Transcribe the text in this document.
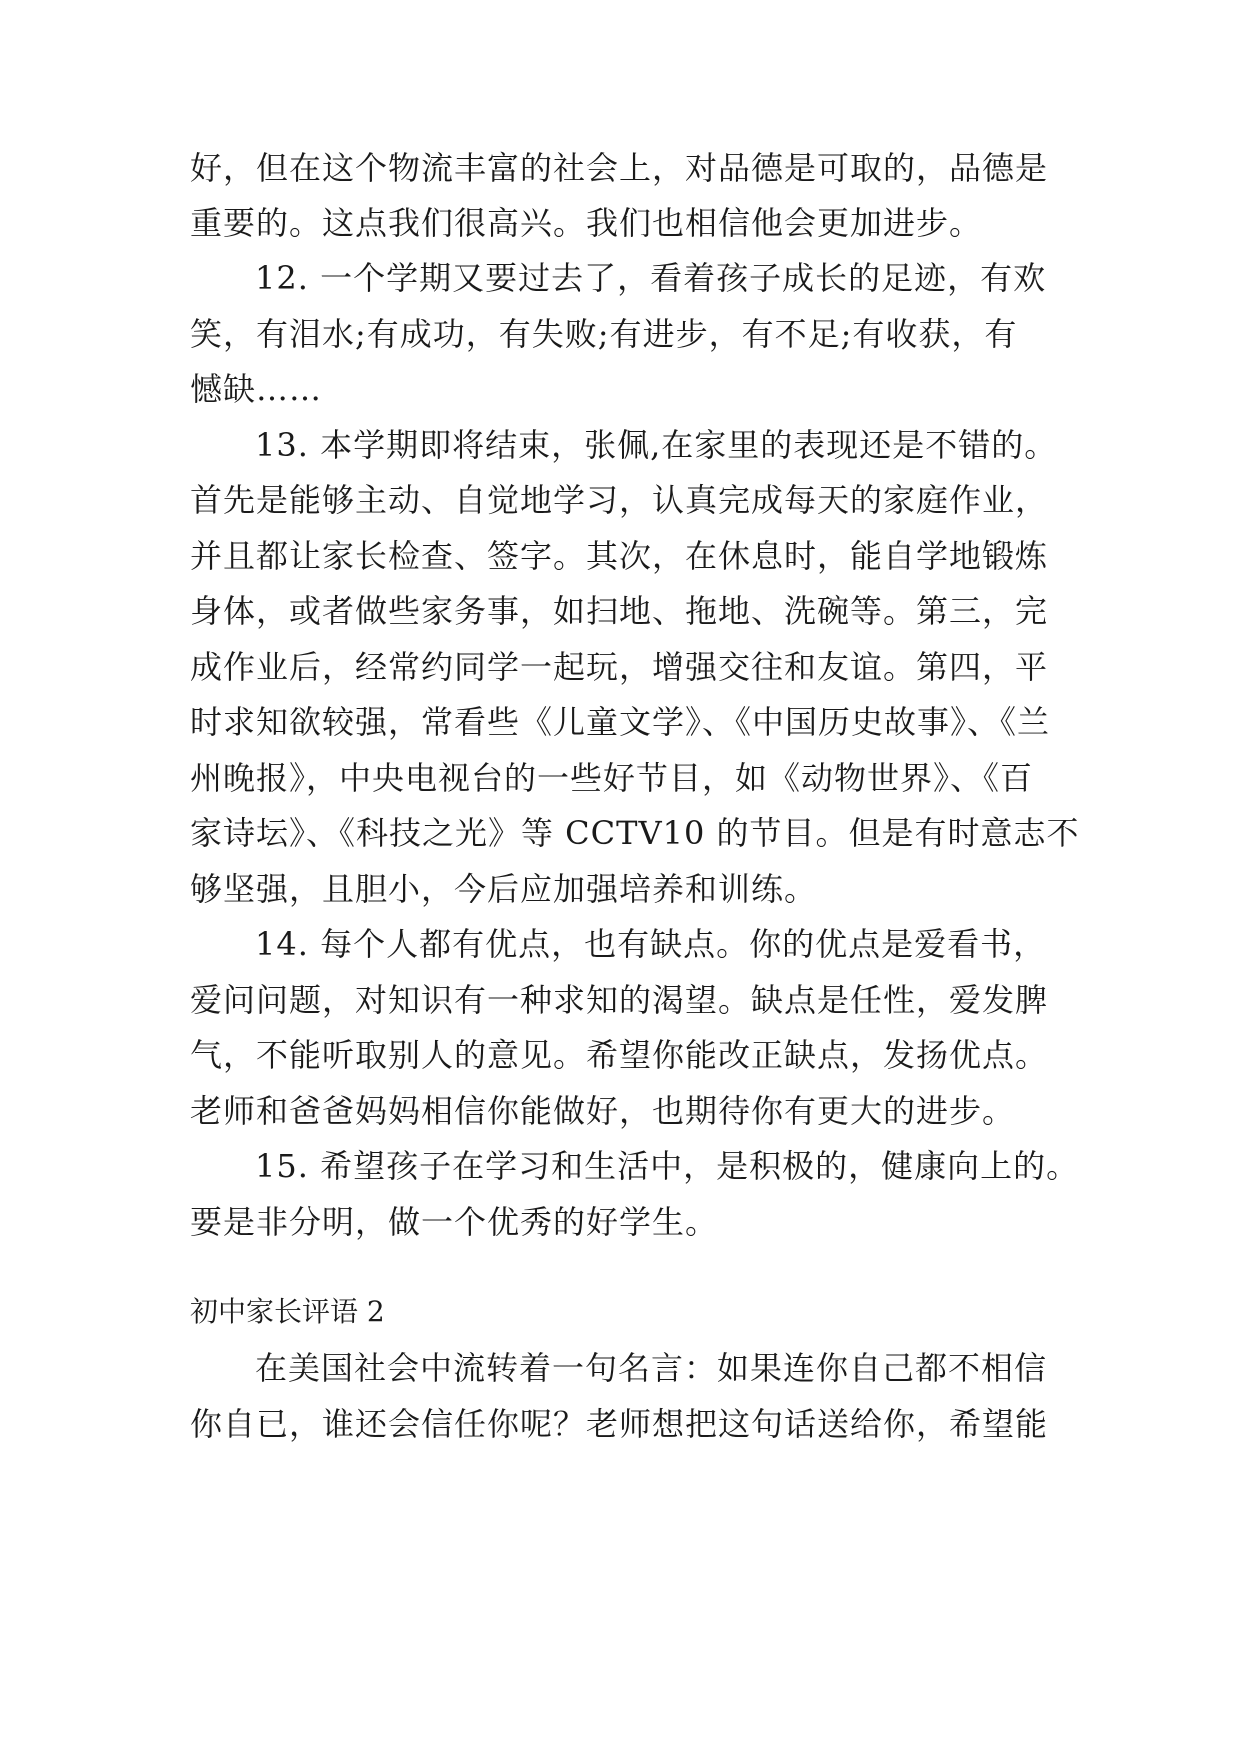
好，但在这个物流丰富的社会上，对品德是可取的，品德是
重要的。这点我们很高兴。我们也相信他会更加进步。
12. 一个学期又要过去了，看着孩子成长的足迹，有欢
笑，有泪水;有成功，有失败;有进步，有不足;有收获，有
憾缺……
13. 本学期即将结束，张佩,在家里的表现还是不错的。
首先是能够主动、自觉地学习，认真完成每天的家庭作业，
并且都让家长检查、签字。其次，在休息时，能自学地锻炼
身体，或者做些家务事，如扫地、拖地、洗碗等。第三，完
成作业后，经常约同学一起玩，增强交往和友谊。第四，平
时求知欲较强，常看些《儿童文学》、《中国历史故事》、《兰
州晚报》，中央电视台的一些好节目，如《动物世界》、《百
家诗坛》、《科技之光》等 CCTV10 的节目。但是有时意志不
够坚强，且胆小，今后应加强培养和训练。
14. 每个人都有优点，也有缺点。你的优点是爱看书，
爱问问题，对知识有一种求知的渴望。缺点是任性，爱发脾
气，不能听取别人的意见。希望你能改正缺点，发扬优点。
老师和爸爸妈妈相信你能做好，也期待你有更大的进步。
15. 希望孩子在学习和生活中，是积极的，健康向上的。
要是非分明，做一个优秀的好学生。
初中家长评语 2
在美国社会中流转着一句名言：如果连你自己都不相信
你自已，谁还会信任你呢？老师想把这句话送给你，希望能
